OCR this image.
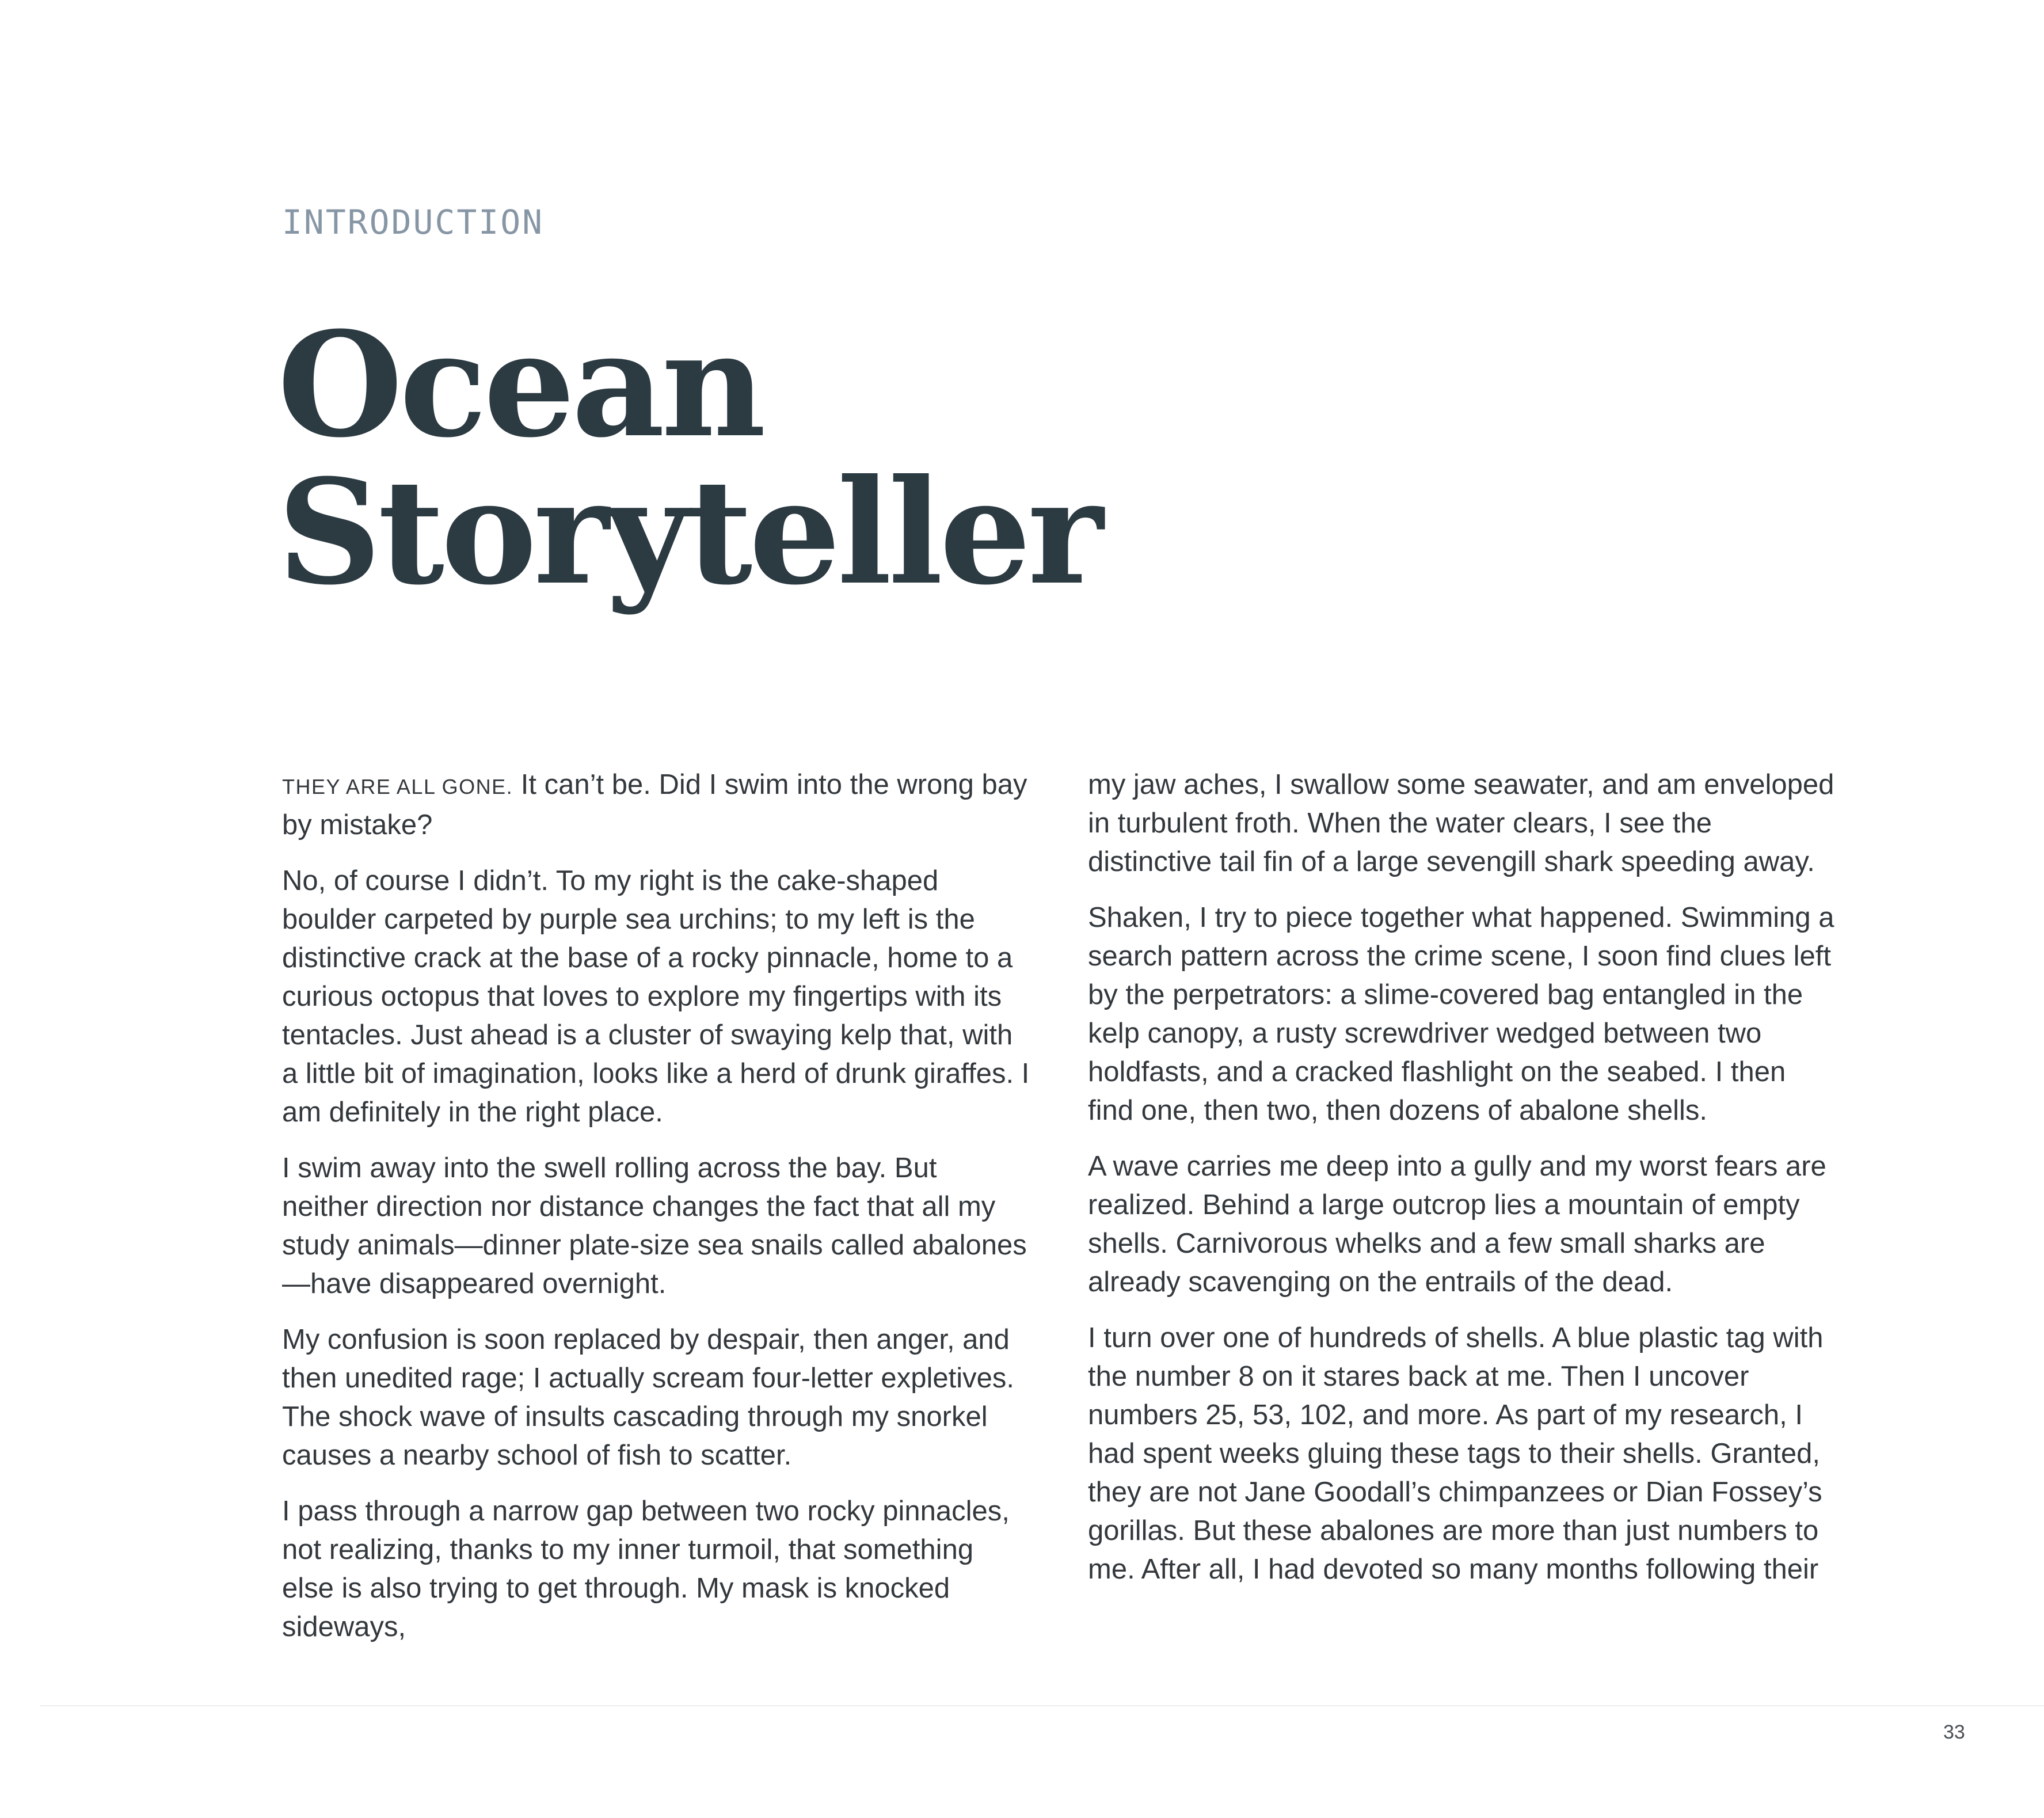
INTRODUCTION

Ocean
Storyteller

THEY ARE ALL GONE. It can’t be. Did I swim into the wrong bay by mistake?

No, of course I didn’t. To my right is the cake-shaped boulder carpeted by purple sea urchins; to my left is the distinctive crack at the base of a rocky pinnacle, home to a curious octopus that loves to explore my fingertips with its tentacles. Just ahead is a cluster of swaying kelp that, with a little bit of imagination, looks like a herd of drunk giraffes. I am definitely in the right place.

I swim away into the swell rolling across the bay. But neither direction nor distance changes the fact that all my study animals—dinner plate-size sea snails called abalones—have disappeared overnight.

My confusion is soon replaced by despair, then anger, and then unedited rage; I actually scream four-letter expletives. The shock wave of insults cascading through my snorkel causes a nearby school of fish to scatter.

I pass through a narrow gap between two rocky pinnacles, not realizing, thanks to my inner turmoil, that something else is also trying to get through. My mask is knocked sideways,

my jaw aches, I swallow some seawater, and am enveloped in turbulent froth. When the water clears, I see the distinctive tail fin of a large sevengill shark speeding away.

Shaken, I try to piece together what happened. Swimming a search pattern across the crime scene, I soon find clues left by the perpetrators: a slime-covered bag entangled in the kelp canopy, a rusty screwdriver wedged between two holdfasts, and a cracked flashlight on the seabed. I then find one, then two, then dozens of abalone shells.

A wave carries me deep into a gully and my worst fears are realized. Behind a large outcrop lies a mountain of empty shells. Carnivorous whelks and a few small sharks are already scavenging on the entrails of the dead.

I turn over one of hundreds of shells. A blue plastic tag with the number 8 on it stares back at me. Then I uncover numbers 25, 53, 102, and more. As part of my research, I had spent weeks gluing these tags to their shells. Granted, they are not Jane Goodall’s chimpanzees or Dian Fossey’s gorillas. But these abalones are more than just numbers to me. After all, I had devoted so many months following their

33
